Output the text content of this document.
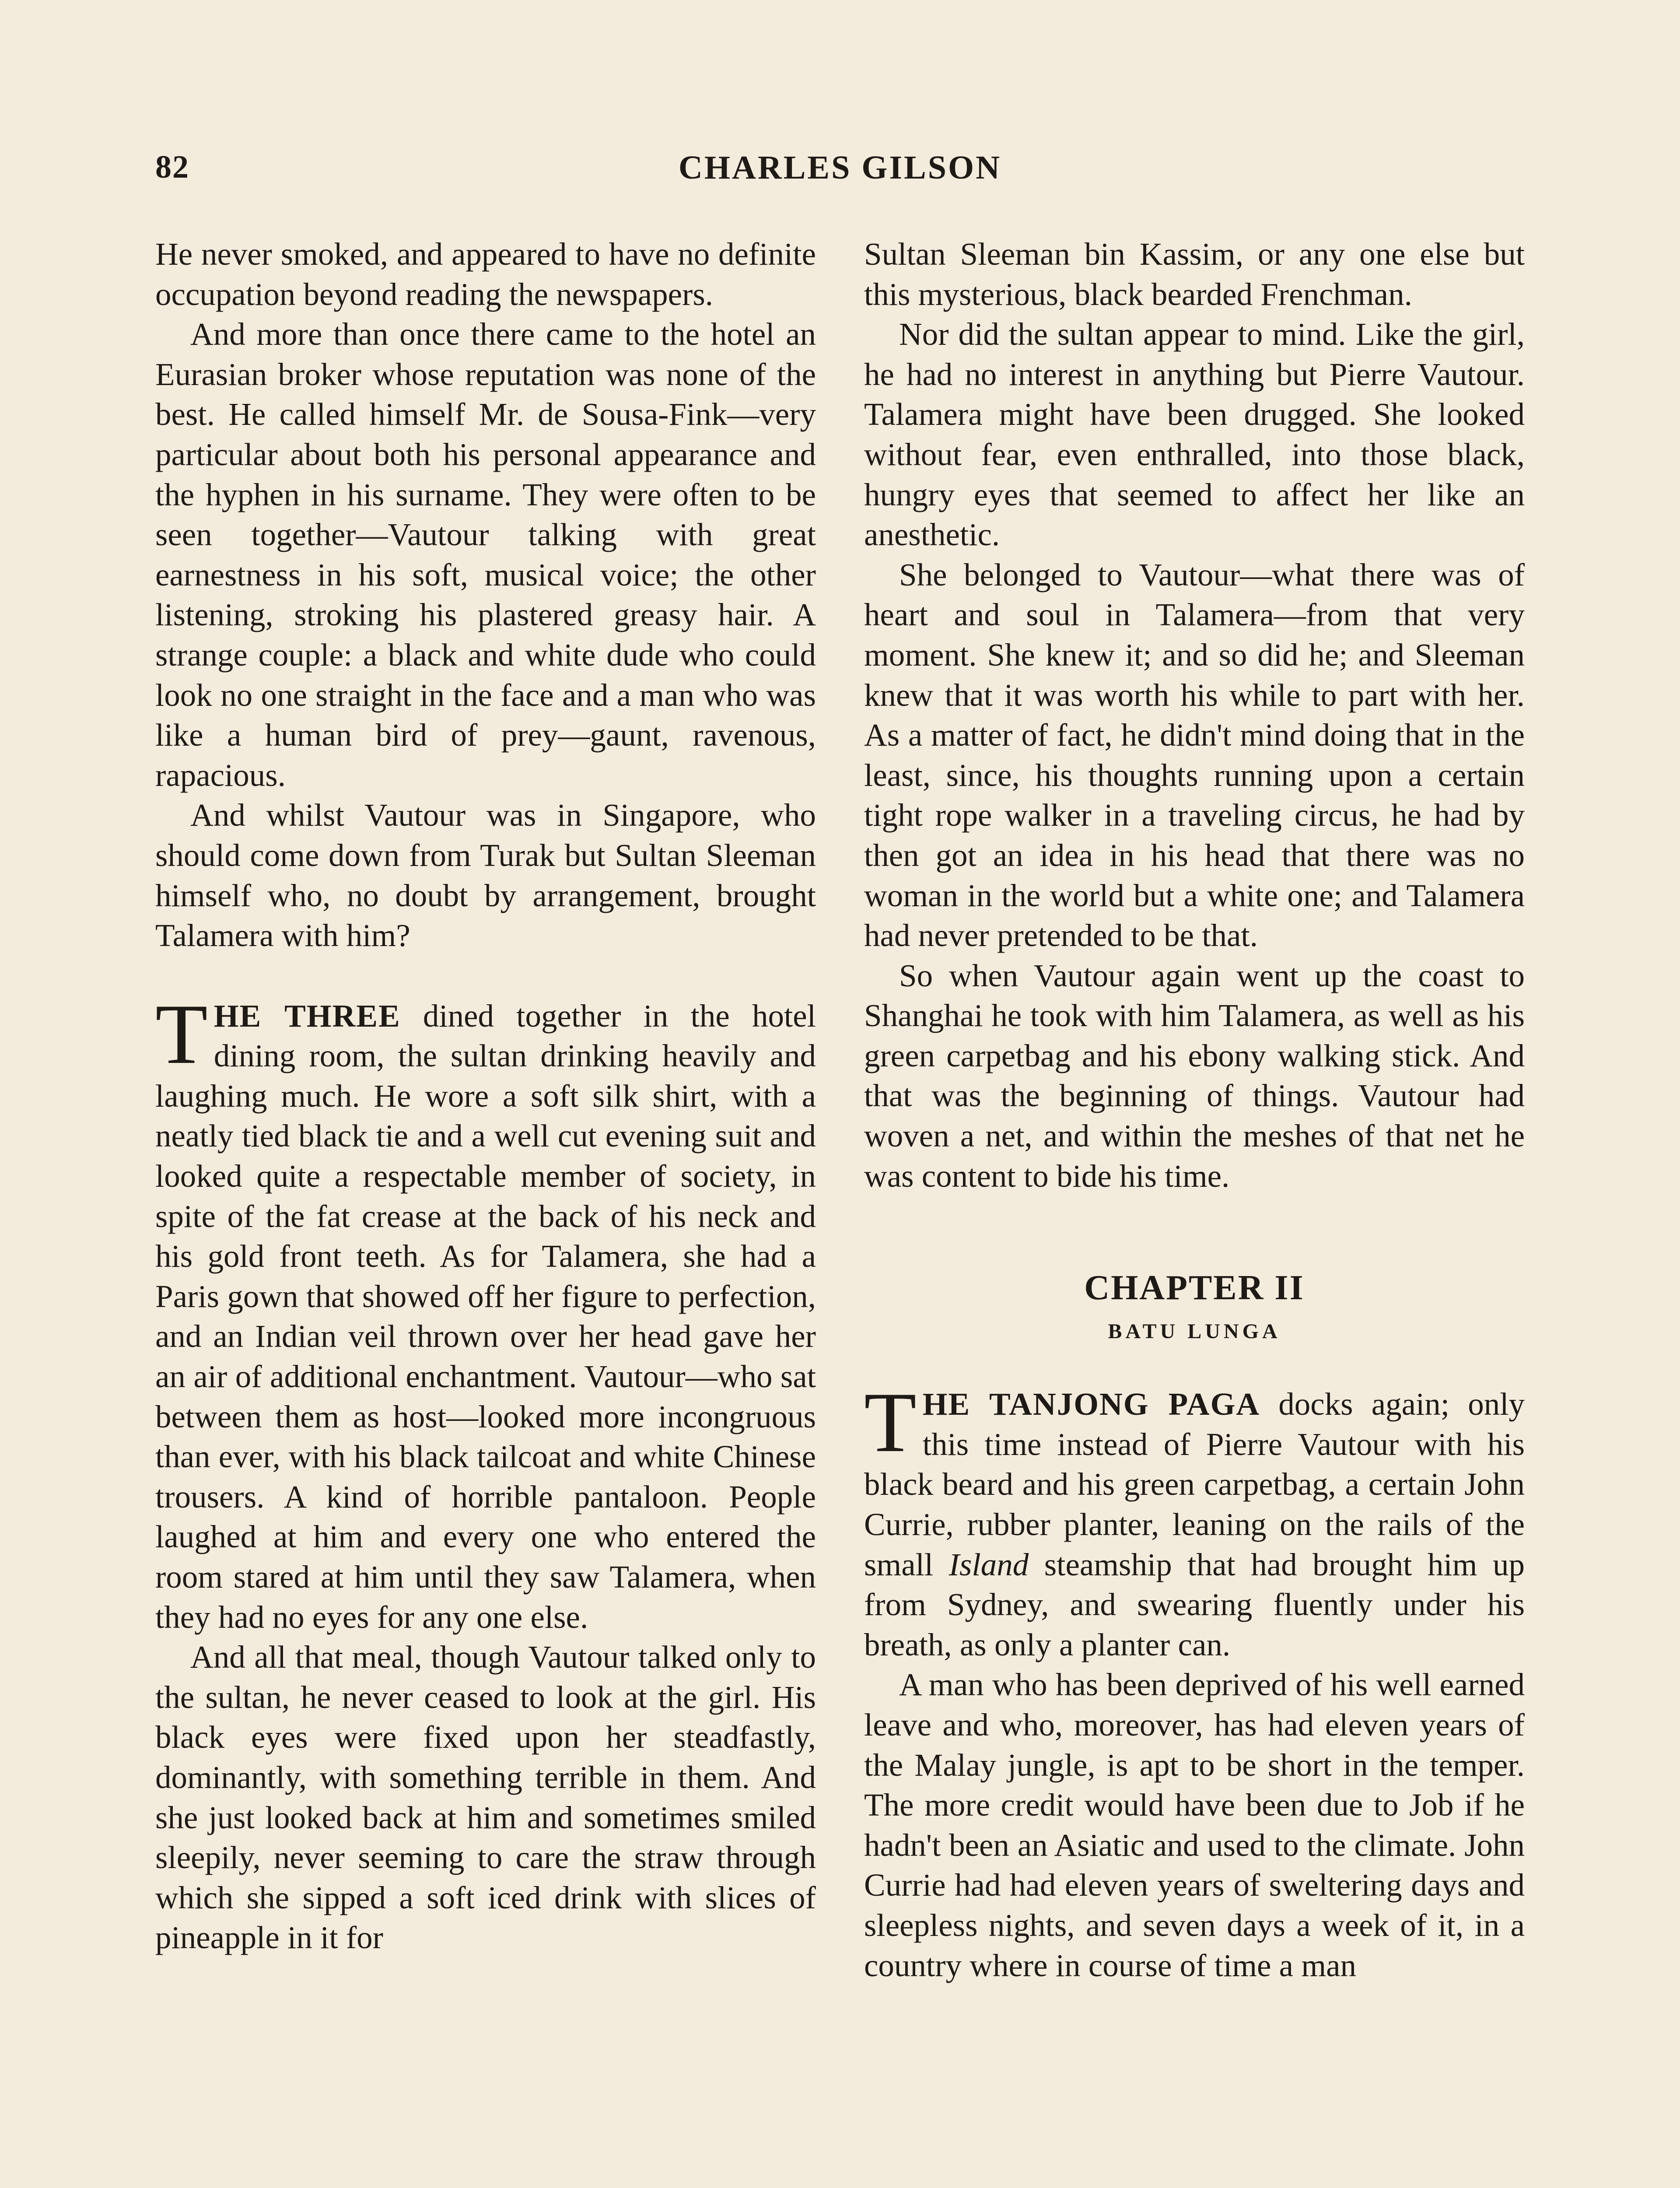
82	CHARLES GILSON

He never smoked, and appeared to have no definite occupation beyond reading the newspapers.

And more than once there came to the hotel an Eurasian broker whose reputation was none of the best. He called himself Mr. de Sousa-Fink—very particular about both his personal appearance and the hyphen in his surname. They were often to be seen together—Vautour talking with great earnestness in his soft, musical voice; the other listening, stroking his plastered greasy hair. A strange couple: a black and white dude who could look no one straight in the face and a man who was like a human bird of prey—gaunt, ravenous, rapacious.

And whilst Vautour was in Singapore, who should come down from Turak but Sultan Sleeman himself who, no doubt by arrangement, brought Talamera with him?

THE THREE dined together in the hotel dining room, the sultan drinking heavily and laughing much. He wore a soft silk shirt, with a neatly tied black tie and a well cut evening suit and looked quite a respectable member of society, in spite of the fat crease at the back of his neck and his gold front teeth. As for Talamera, she had a Paris gown that showed off her figure to perfection, and an Indian veil thrown over her head gave her an air of additional enchantment. Vautour—who sat between them as host—looked more incongruous than ever, with his black tailcoat and white Chinese trousers. A kind of horrible pantaloon. People laughed at him and every one who entered the room stared at him until they saw Talamera, when they had no eyes for any one else.

And all that meal, though Vautour talked only to the sultan, he never ceased to look at the girl. His black eyes were fixed upon her steadfastly, dominantly, with something terrible in them. And she just looked back at him and sometimes smiled sleepily, never seeming to care the straw through which she sipped a soft iced drink with slices of pineapple in it for

Sultan Sleeman bin Kassim, or any one else but this mysterious, black bearded Frenchman.

Nor did the sultan appear to mind. Like the girl, he had no interest in anything but Pierre Vautour. Talamera might have been drugged. She looked without fear, even enthralled, into those black, hungry eyes that seemed to affect her like an anesthetic.

She belonged to Vautour—what there was of heart and soul in Talamera—from that very moment. She knew it; and so did he; and Sleeman knew that it was worth his while to part with her. As a matter of fact, he didn't mind doing that in the least, since, his thoughts running upon a certain tight rope walker in a traveling circus, he had by then got an idea in his head that there was no woman in the world but a white one; and Talamera had never pretended to be that.

So when Vautour again went up the coast to Shanghai he took with him Talamera, as well as his green carpetbag and his ebony walking stick. And that was the beginning of things. Vautour had woven a net, and within the meshes of that net he was content to bide his time.

CHAPTER II
BATU LUNGA

THE TANJONG PAGA docks again; only this time instead of Pierre Vautour with his black beard and his green carpetbag, a certain John Currie, rubber planter, leaning on the rails of the small Island steamship that had brought him up from Sydney, and swearing fluently under his breath, as only a planter can.

A man who has been deprived of his well earned leave and who, moreover, has had eleven years of the Malay jungle, is apt to be short in the temper. The more credit would have been due to Job if he hadn't been an Asiatic and used to the climate. John Currie had had eleven years of sweltering days and sleepless nights, and seven days a week of it, in a country where in course of time a man
